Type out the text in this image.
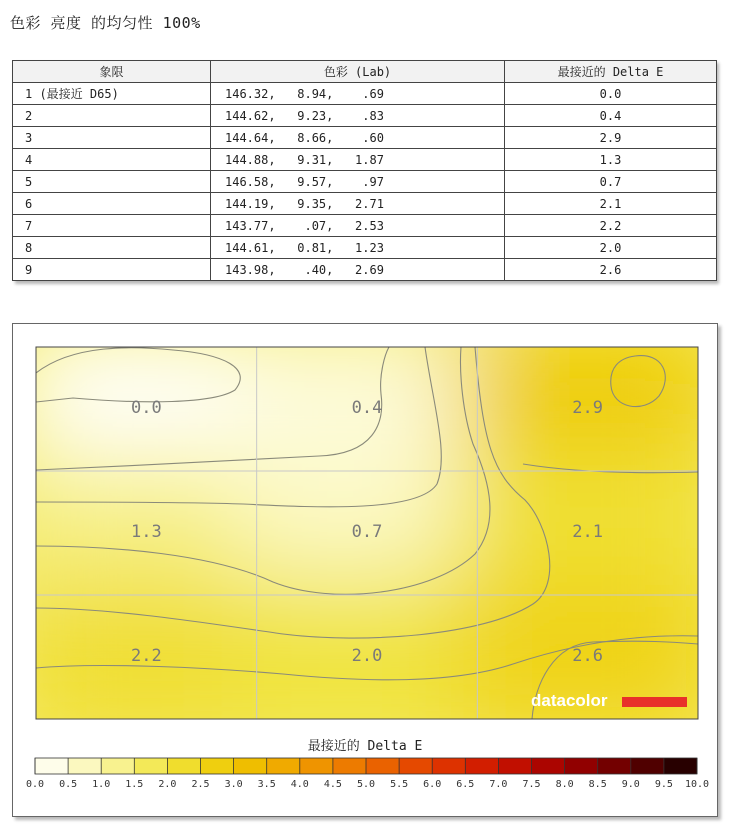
色彩 亮度 的均匀性 100%
象限	色彩 (Lab)	最接近的 Delta E
1 (最接近 D65)	146.32,   8.94,    .69	0.0
2	144.62,   9.23,    .83	0.4
3	144.64,   8.66,    .60	2.9
4	144.88,   9.31,   1.87	1.3
5	146.58,   9.57,    .97	0.7
6	144.19,   9.35,   2.71	2.1
7	143.77,    .07,   2.53	2.2
8	144.61,   0.81,   1.23	2.0
9	143.98,    .40,   2.69	2.6
0.0	0.4	2.9
1.3	0.7	2.1
2.2	2.0	2.6
datacolor
最接近的 Delta E
0.0 0.5 1.0 1.5 2.0 2.5 3.0 3.5 4.0 4.5 5.0 5.5 6.0 6.5 7.0 7.5 8.0 8.5 9.0 9.5 10.0
